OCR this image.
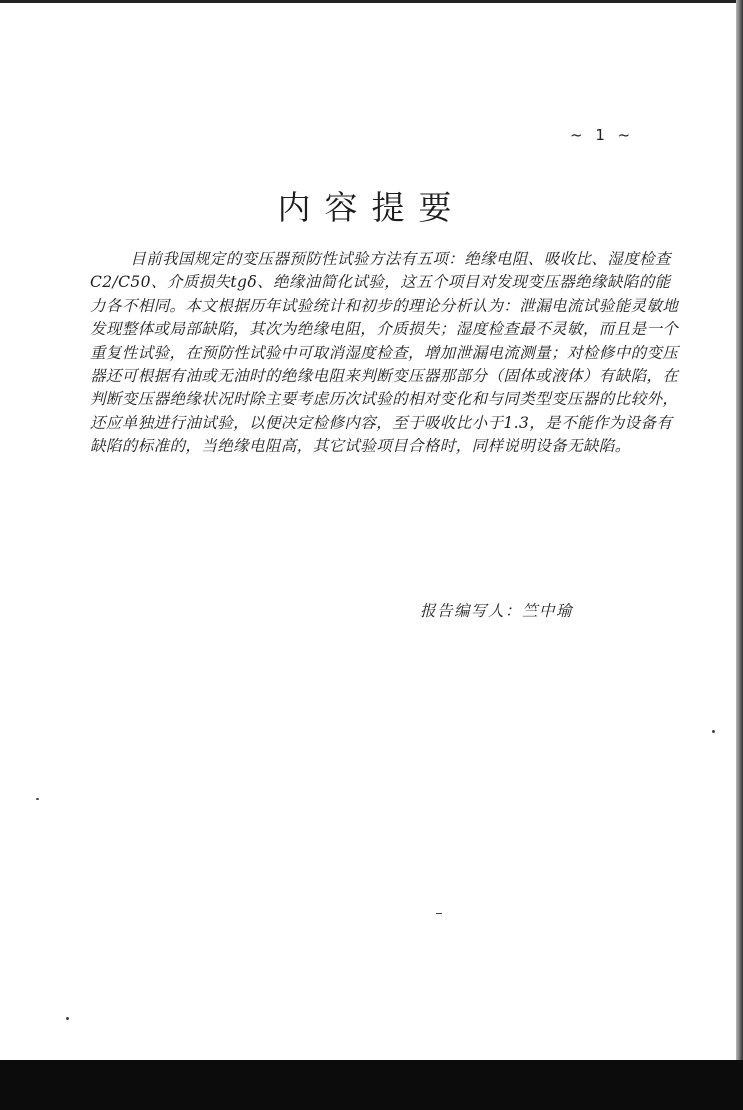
~ 1 ~
内容提要

目前我国规定的变压器预防性试验方法有五项：绝缘电阻、吸收比、湿度检查C2/C50、介质损失tgδ、绝缘油简化试验，这五个项目对发现变压器绝缘缺陷的能力各不相同。本文根据历年试验统计和初步的理论分析认为：泄漏电流试验能灵敏地发现整体或局部缺陷，其次为绝缘电阻，介质损失；湿度检查最不灵敏，而且是一个重复性试验，在预防性试验中可取消湿度检查，增加泄漏电流测量；对检修中的变压器还可根据有油或无油时的绝缘电阻来判断变压器那部分（固体或液体）有缺陷，在判断变压器绝缘状况时除主要考虑历次试验的相对变化和与同类型变压器的比较外，还应单独进行油试验，以便决定检修内容，至于吸收比小于1.3，是不能作为设备有缺陷的标准的，当绝缘电阻高，其它试验项目合格时，同样说明设备无缺陷。

报告编写人：竺中瑜
